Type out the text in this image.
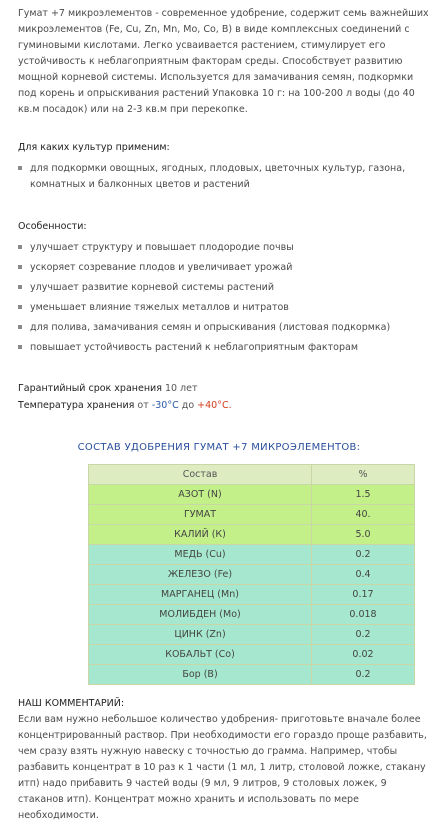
Гумат +7 микроэлементов - современное удобрение, содержит семь важнейших микроэлементов (Fe, Cu, Zn, Mn, Mo, Co, B) в виде комплексных соединений с гуминовыми кислотами. Легко усваивается растением, стимулирует его устойчивость к неблагоприятным факторам среды. Способствует развитию мощной корневой системы. Используется для замачивания семян, подкормки под корень и опрыскивания растений Упаковка 10 г: на 100-200 л воды (до 40 кв.м посадок) или на 2-3 кв.м при перекопке.

Для каких культур применим:

для подкормки овощных, ягодных, плодовых, цветочных культур, газона, комнатных и балконных цветов и растений

Особенности:

улучшает структуру и повышает плодородие почвы
ускоряет созревание плодов и увеличивает урожай
улучшает развитие корневой системы растений
уменьшает влияние тяжелых металлов и нитратов
для полива, замачивания семян и опрыскивания (листовая подкормка)
повышает устойчивость растений к неблагоприятным факторам

Гарантийный срок хранения 10 лет

Температура хранения от -30°С до +40°С.

СОСТАВ УДОБРЕНИЯ ГУМАТ +7 МИКРОЭЛЕМЕНТОВ:

Состав	%
АЗОТ (N)	1.5
ГУМАТ	40.
КАЛИЙ (К)	5.0
МЕДЬ (Cu)	0.2
ЖЕЛЕЗО (Fe)	0.4
МАРГАНЕЦ (Mn)	0.17
МОЛИБДЕН (Mo)	0.018
ЦИНК (Zn)	0.2
КОБАЛЬТ (Co)	0.02
Бор (B)	0.2
НАШ КОММЕНТАРИЙ:
Если вам нужно небольшое количество удобрения- приготовьте вначале более концентрированный раствор. При необходимости его гораздо проще разбавить, чем сразу взять нужную навеску с точностью до грамма. Например, чтобы разбавить концентрат в 10 раз к 1 части (1 мл, 1 литр, столовой ложке, стакану итп) надо прибавить 9 частей воды (9 мл, 9 литров, 9 столовых ложек, 9 стаканов итп). Концентрат можно хранить и использовать по мере необходимости.
